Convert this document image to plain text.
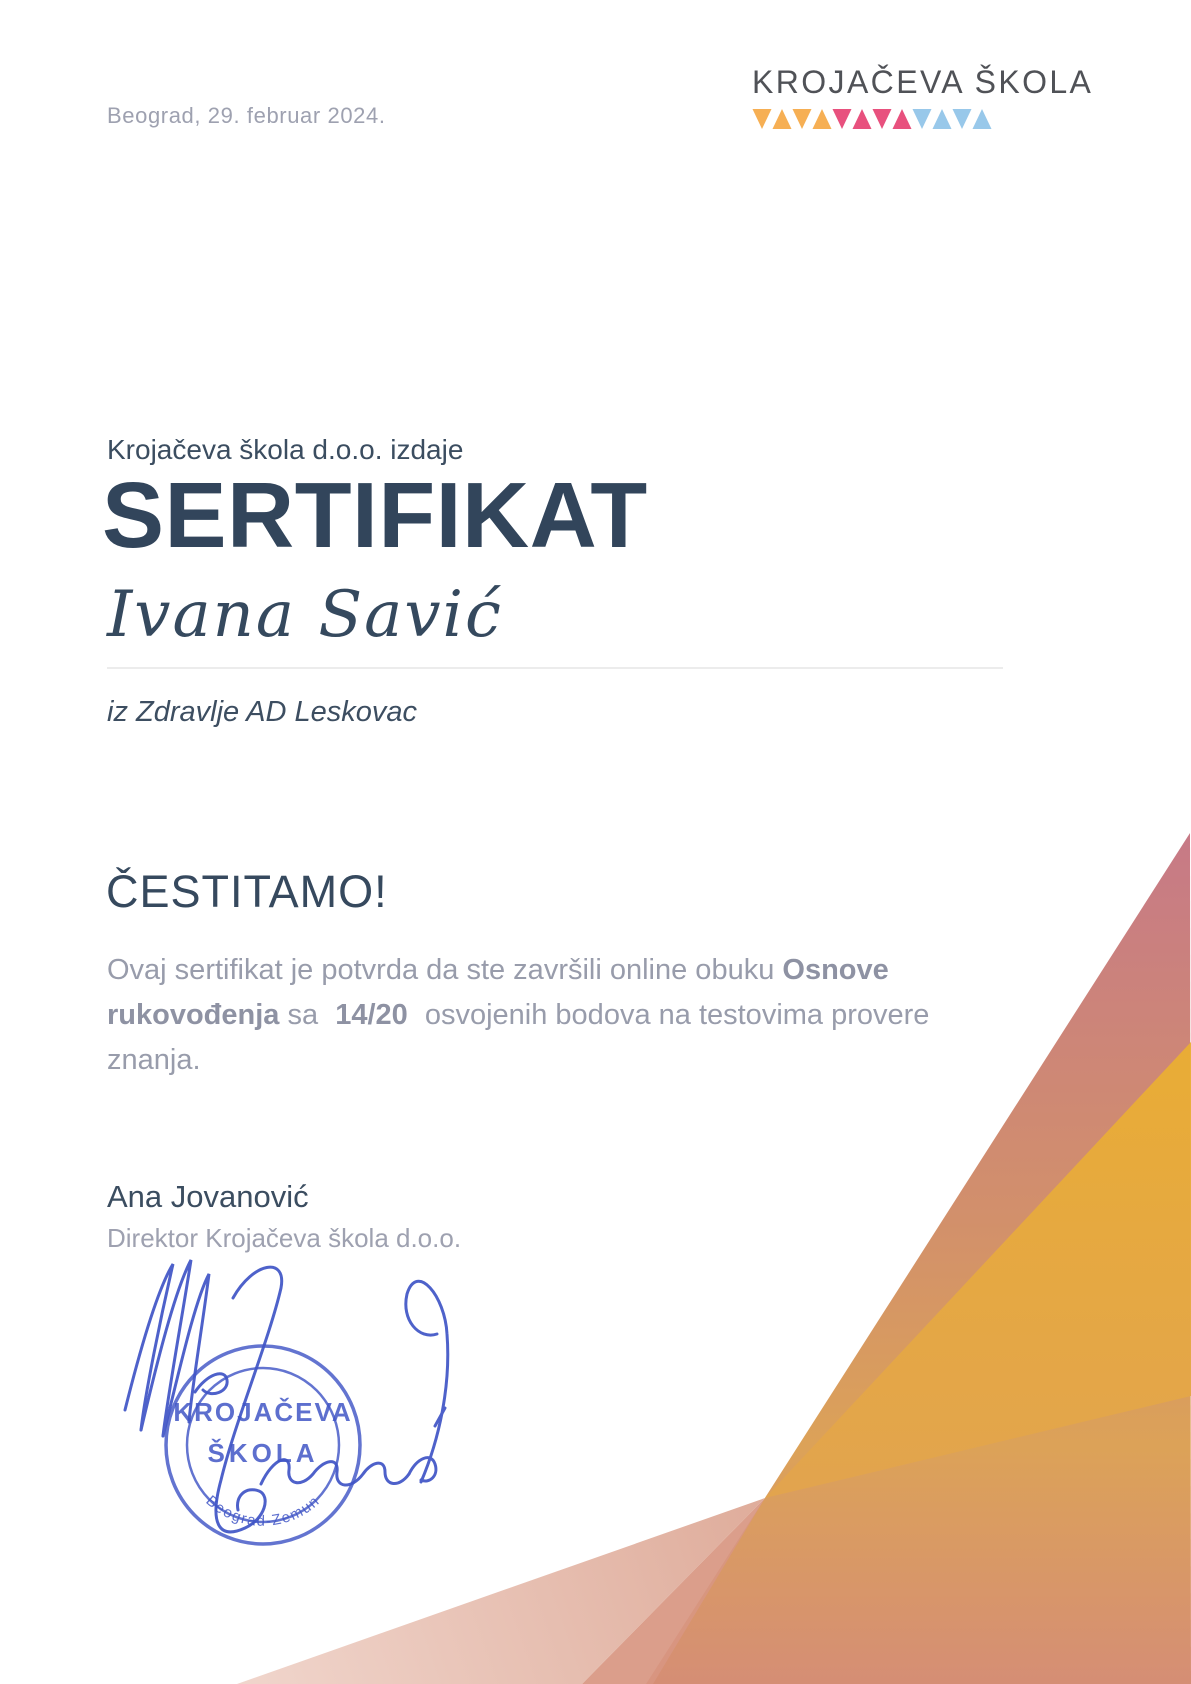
Beograd, 29. februar 2024.
KROJAČEVA ŠKOLA
Krojačeva škola d.o.o. izdaje
SERTIFIKAT
Ivana Savić
iz Zdravlje AD Leskovac
ČESTITAMO!
Ovaj sertifikat je potvrda da ste završili online obuku Osnove
rukovođenja sa 14/20 osvojenih bodova na testovima provere znanja.
Ana Jovanović
Direktor Krojačeva škola d.o.o.
KROJAČEVA
ŠKOLA
Beograd-Zemun
